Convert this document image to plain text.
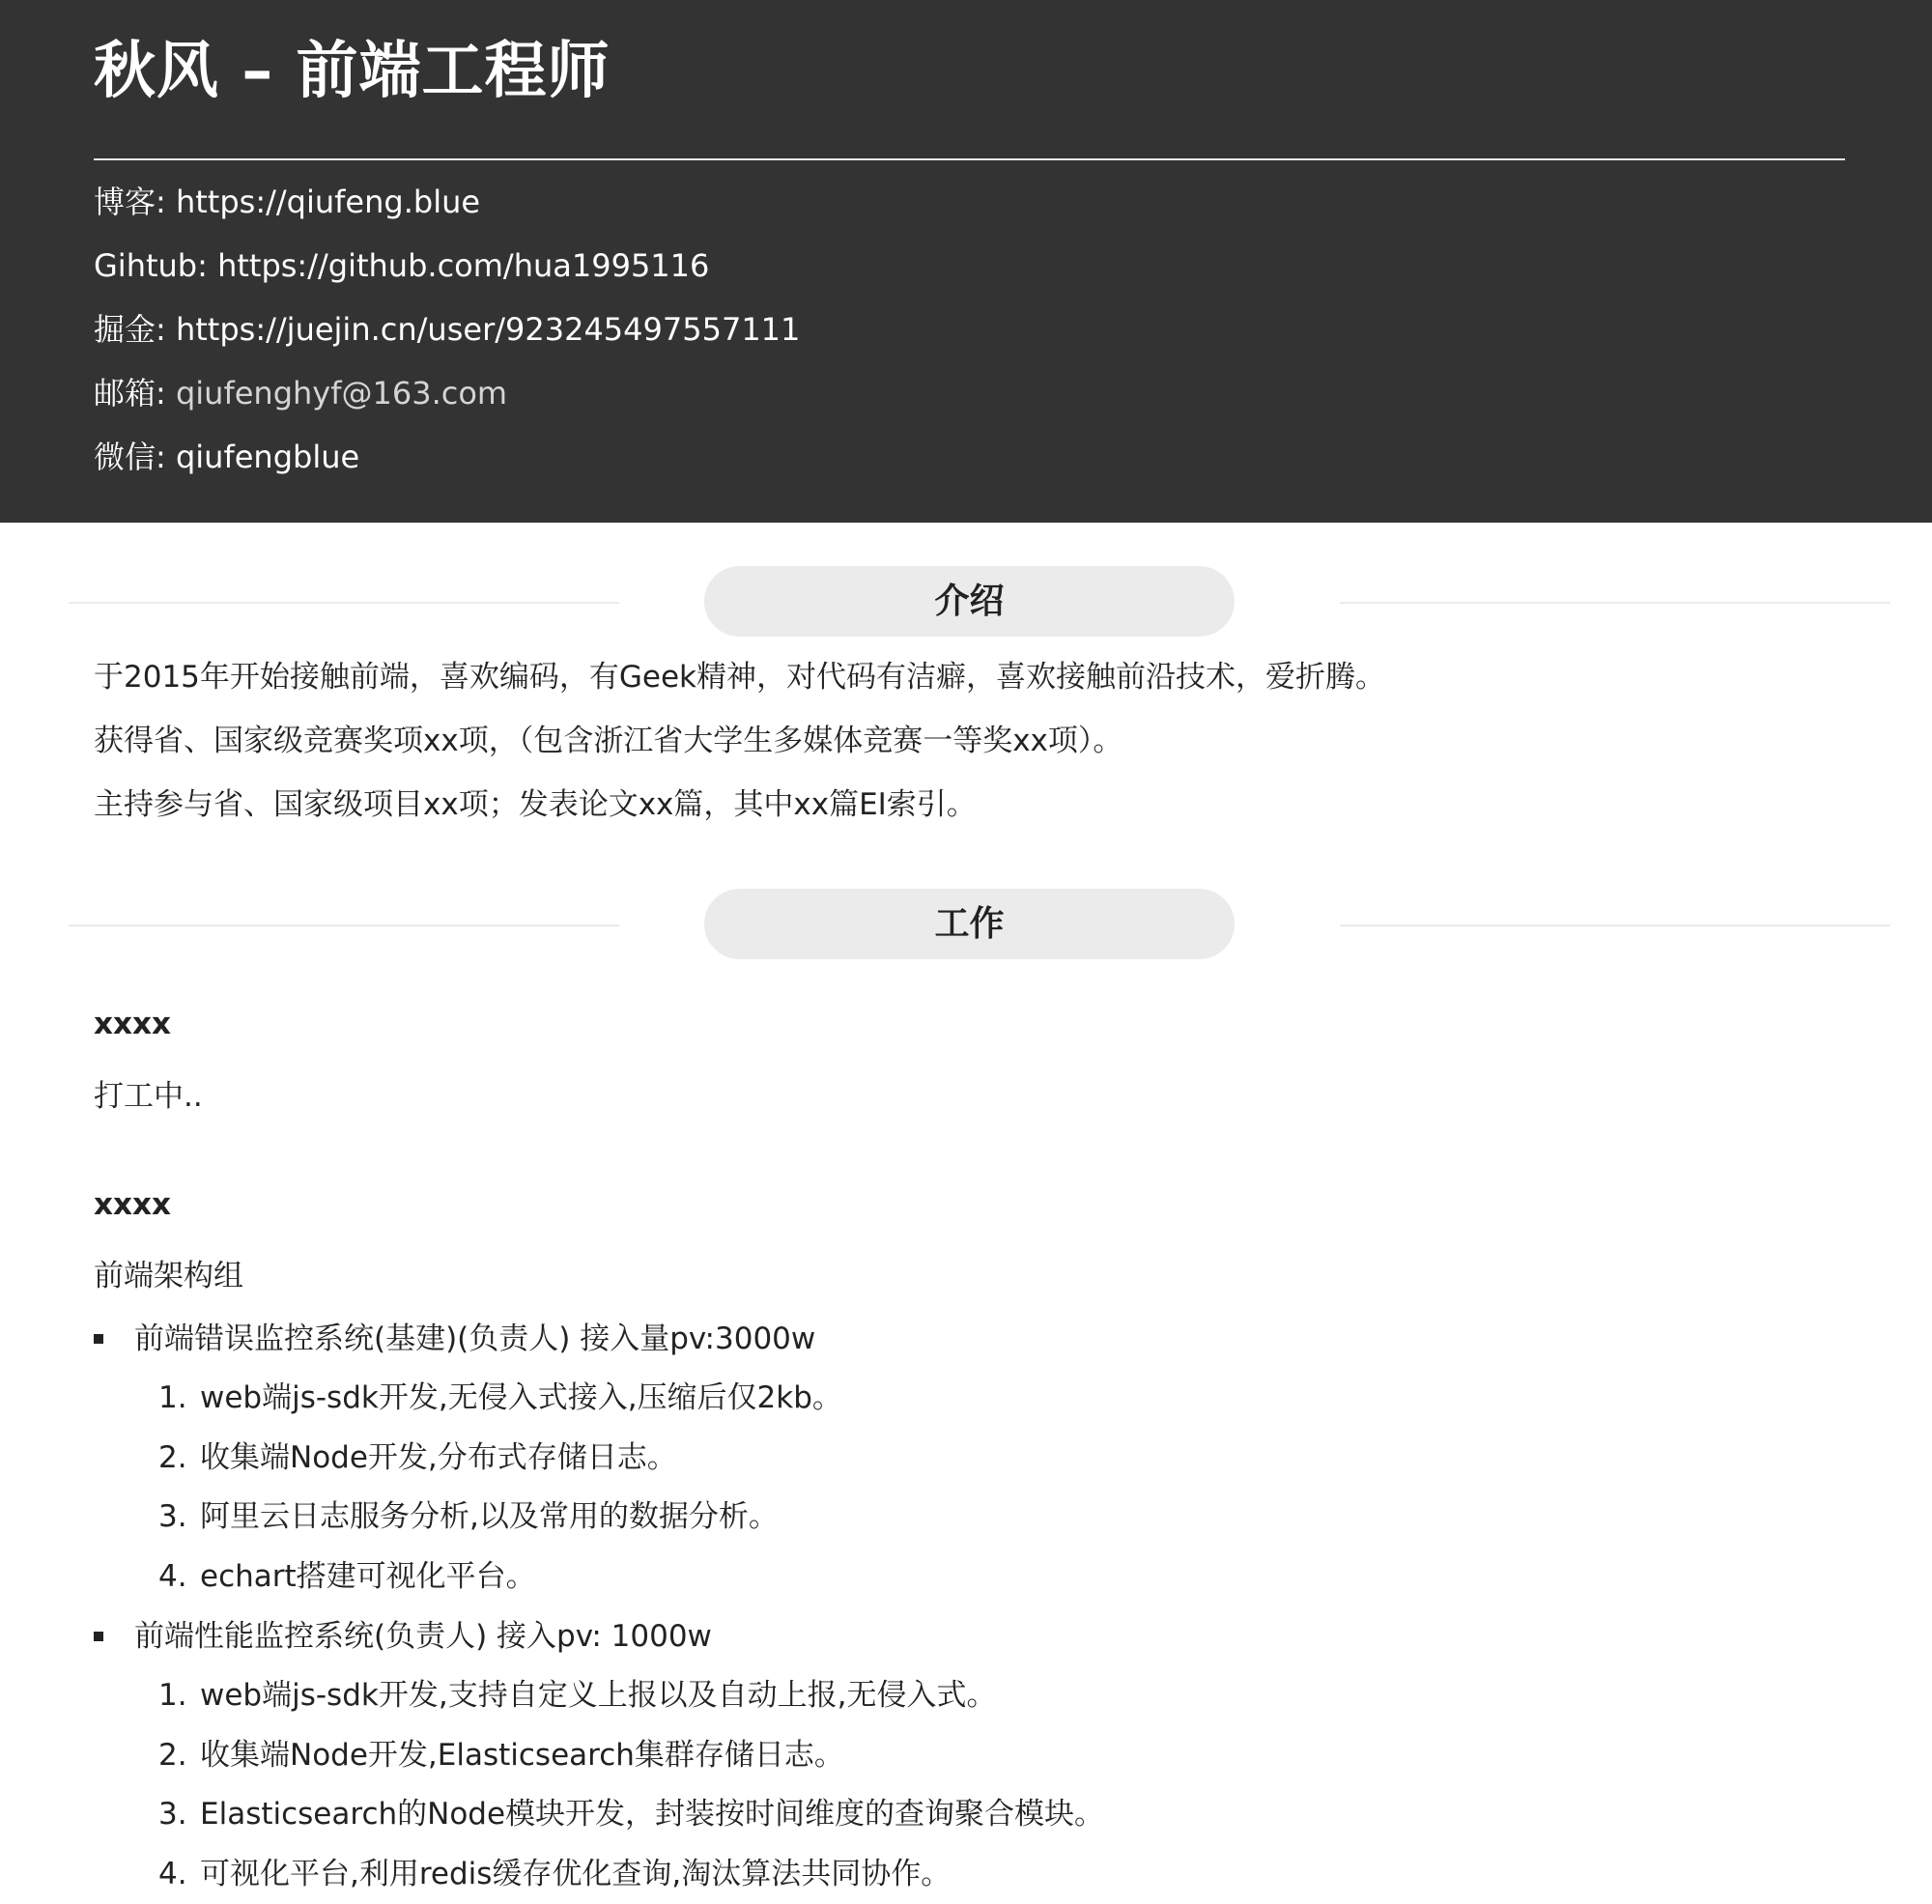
秋风 – 前端工程师
博客: https://qiufeng.blue
Gihtub: https://github.com/hua1995116
掘金: https://juejin.cn/user/923245497557111
邮箱: qiufenghyf@163.com
微信: qiufengblue
介绍
于2015年开始接触前端，喜欢编码，有Geek精神，对代码有洁癖，喜欢接触前沿技术，爱折腾。
获得省、国家级竞赛奖项xx项，（包含浙江省大学生多媒体竞赛一等奖xx项）。
主持参与省、国家级项目xx项；发表论文xx篇，其中xx篇EI索引。
工作
xxxx
打工中..
xxxx
前端架构组
前端错误监控系统(基建)(负责人) 接入量pv:3000w
1. web端js-sdk开发,无侵入式接入,压缩后仅2kb。
2. 收集端Node开发,分布式存储日志。
3. 阿里云日志服务分析,以及常用的数据分析。
4. echart搭建可视化平台。
前端性能监控系统(负责人) 接入pv: 1000w
1. web端js-sdk开发,支持自定义上报以及自动上报,无侵入式。
2. 收集端Node开发,Elasticsearch集群存储日志。
3. Elasticsearch的Node模块开发，封装按时间维度的查询聚合模块。
4. 可视化平台,利用redis缓存优化查询,淘汰算法共同协作。
